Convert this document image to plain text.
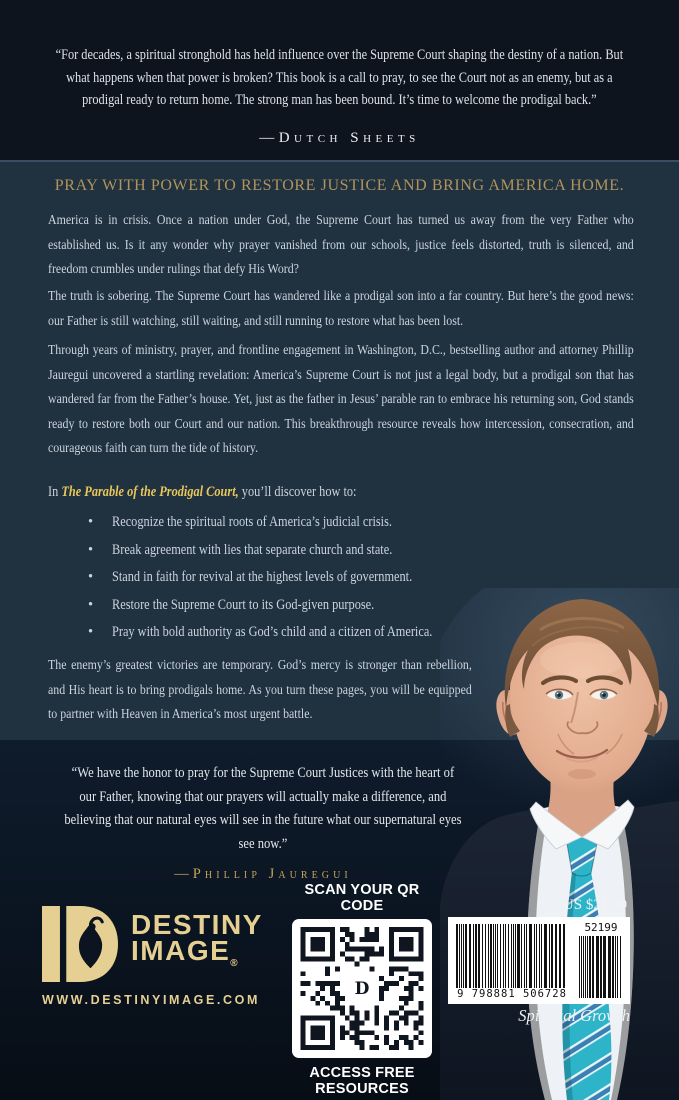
“For decades, a spiritual stronghold has held influence over the Supreme Court shaping the destiny of a nation. But what happens when that power is broken? This book is a call to pray, to see the Court not as an enemy, but as a prodigal ready to return home. The strong man has been bound. It’s time to welcome the prodigal back.”
—Dutch Sheets
PRAY WITH POWER TO RESTORE JUSTICE AND BRING AMERICA HOME.

America is in crisis. Once a nation under God, the Supreme Court has turned us away from the very Father who established us. Is it any wonder why prayer vanished from our schools, justice feels distorted, truth is silenced, and freedom crumbles under rulings that defy His Word?

The truth is sobering. The Supreme Court has wandered like a prodigal son into a far country. But here’s the good news: our Father is still watching, still waiting, and still running to restore what has been lost.

Through years of ministry, prayer, and frontline engagement in Washington, D.C., bestselling author and attorney Phillip Jauregui uncovered a startling revelation: America’s Supreme Court is not just a legal body, but a prodigal son that has wandered far from the Father’s house. Yet, just as the father in Jesus’ parable ran to embrace his returning son, God stands ready to restore both our Court and our nation. This breakthrough resource reveals how intercession, consecration, and courageous faith can turn the tide of history.

In The Parable of the Prodigal Court, you’ll discover how to:

• Recognize the spiritual roots of America’s judicial crisis.
• Break agreement with lies that separate church and state.
• Stand in faith for revival at the highest levels of government.
• Restore the Supreme Court to its God-given purpose.
• Pray with bold authority as God’s child and a citizen of America.

The enemy’s greatest victories are temporary. God’s mercy is stronger than rebellion, and His heart is to bring prodigals home. As you turn these pages, you will be equipped to partner with Heaven in America’s most urgent battle.

“We have the honor to pray for the Supreme Court Justices with the heart of our Father, knowing that our prayers will actually make a difference, and believing that our natural eyes will see in the future what our supernatural eyes see now.”

—Phillip Jauregui

DESTINY
$IMAGE_®$
WWW.DESTINYIMAGE.COM
SCAN YOUR QR CODE
D
ACCESS FREE RESOURCES
US $21.99
9 798881 506728
52199
Spiritual Growth
